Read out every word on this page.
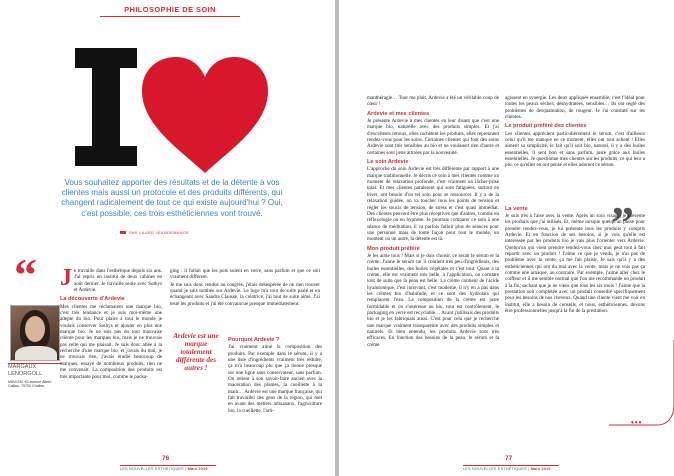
PHILOSOPHIE DE SOIN
Vous souhaitez apporter des résultats et de la détente à vos clientes mais aussi un protocole et des produits différents, qui changent radicalement de tout ce qui existe aujourd'hui ? Oui, c'est possible, ces trois esthéticiennes vont trouvé.
PAR LAURE JEANDEMANGE
“ Je travaille dans l'esthétique depuis six ans. J'ai repris un institut de deux cabines en août dernier. Je travaille seule avec Sothys et Ardevie.

La découverte d'Ardevie

Mes clientes me réclamaient une marque bio, c'est très tendance et je suis moi-même une adepte du bio. Pour plaire à tout le monde je voulais conserver Sothys et ajouter en plus une marque bio. Je ne suis pas du tout mauvaise cliente pour les marques bio, mais je ne trouvais pas celle qui me plaisait. Je suis donc allée à la recherche d'une marque bio, et j'avais du mal, je ne trouvais rien, j'avais étudié beaucoup de marques, essayé de nombreux produits, rien ne me convenait. La composition des produits est très importante pour moi, comme le packa-

MARGAUX LENORGOLL
MAVLEN, 63 avenue Albert Caillou, 75700 Challes.

ging : il fallait que les pots soient en verre, sans parfum et que ce soit vraiment différent.

Je me suis donc rendue au congrès, j'étais désespérée de ne rien trouver quand je suis tombée sur Ardevie. Le logo m'a tout de suite parlé et en échangeant avec Sandra Clausse, la créatrice, j'ai tout de suite aimé. J'ai testé les produits et j'ai été convaincue presque immédiatement.

Ardevie est une marque totalement différente des autres !
Pourquoi Ardevie ?

J'ai vraiment aimé la composition des produits. Par exemple dans le sérum, il y a une liste d'ingrédients vraiment très réduite, ça m'a beaucoup plu que ça tienne presque sur une ligne sans conservateur, sans parfum. On retient à son savoir-faire ancien avec la macération des plantes, la cueillette à la main… Ardevie est une marque française, qui fait travailler des gens de la région, qui met en avant des métiers artisanaux, l'agriculture bio, la cueillette, l'arti-

76
LES NOUVELLES ESTHÉTIQUES | Mars 2019

manthéragie… Tout me plait, Ardevie a été un véritable coup de cœur !

Ardevie et mes clientes

Je présente Ardevie à mes clientes en leur disant que c'est une marque bio, naturelle avec des produits simples. Et j'ai d'excellents retours, elles rachètent les produits, elles reprennent rendez-vous pour les soins. Certaines clientes qui font des soins Ardevie sont très sensibles au bio et ne voulaient rien d'autre et certaines sont juste attirées par la nouveauté.

Le soin Ardevie

L'approche du soin Ardevie est très différente par rapport à une marque traditionnelle. Je décris ce soin à mes clientes comme un moment de relaxation profonde, c'est vraiment un lâcher-prise total. Et mes clientes paraissent qui sont fatiguées, surtout en hiver, ont besoin d'un tel soin pour se ressourcer. Il y a de la relaxation guidée, on va toucher tous les points de tension et régler les soucis de tension, de stress et c'est quasi immédiat. Des clientes peuvent être plus réceptives que d'autres, comme en réflexologie ou en hypnose. Je pourrais comparer ce soin à une séance de méditation, il va parfois falloir plus de séances pour une personne mais de toute façon pour tout le monde, un moment ou un autre, la détente est là.

Mon produit préféré

Je les aime tous ! Mais si je dois choisir, ce serait le sérum et la crème. J'aime le sérum car il contient très peu d'ingrédients, des huiles essentielles, des huiles végétales et c'est tout. Quant à la crème, elle est vraiment très belle, à l'application, on constate tout de suite que la peau est belle. La crème contient de l'acide hyaluronique, c'est innovant, c'est moderne, il n'y en a pas dans les crèmes bio d'habitude, et ce sont des hydrolats qui remplacent l'eau. La composition de la crème est juste formidable et on s'intéresse au bio, tout est contrôlement, le packaging en verre est recyclable… Avant j'utilisais des produits bio et je les fabriquais aussi. C'est pour cela que je recherche une marque vraiment transparente avec des produits simples et naturels. Et bien entendu, les produits Ardevie sont très efficaces. En fonction des besoins de la peau, le sérum et la crème

agissent en synergie. Les deux appliqués ensemble, c'est l'idéal pour toutes les peaux sèches, déshydratées, sensibles… Ils ont réglé des problèmes de desquamation, de rougeur. Je l'ai constaté sur les clientes.

Le produit préféré des clientes

Les clientes apprécient particulièrement le sérum, c'est d'ailleurs celui qu'il me manque en ce moment, elles ont tout acheté ! Elles aiment sa simplicité, le fait qu'il soit bio, naturel, il y a des huiles essentielles, il sent bon et sans parfum, juste grâce aux huiles essentielles. Je questionne mes clientes sur les produits, ce qui leur a plu, ce qu'elles en ont pensé et elles adorent ce sérum.

”
La vente

Je suis très à l'aise avec la vente. Après un soin visage, je présente les produits que j'ai utilisés. Et, même lorsque quelqu'un passe pour prendre rendez-vous, je lui présente tous les produits y compris Ardevie. Et en fonction de ses besoins, si je vois qu'elle est intéressée par les produits bio je vais plus l'orienter vers Ardevie. Quelqu'un qui vient prendre rendez-vous chez moi peut tout à fait repartir avec un produit ! J'aime ce que je vends, je n'ai pas de problème avec la vente, ça me fait plaisir. Je sais qu'il y a des esthéticiennes qui ont du mal avec la vente, mais je ne vois pas ça comme une arnaque, au contraire. Par exemple, j'aime aller chez le coiffeur et il me semble normal que l'on me recommande un produit à la fin, sachant que je ne viens que tous les six mois ! J'aime que la prestation soit complétée avec un produit conseillé spécifiquement pour les besoins de nos cheveux. Quand une cliente vient me voir en institut, elle a besoin de conseils, et nous, esthéticiennes, devons être professionnelles jusqu'à la fin de la prestation.

•••
77
LES NOUVELLES ESTHÉTIQUES | Mars 2019
